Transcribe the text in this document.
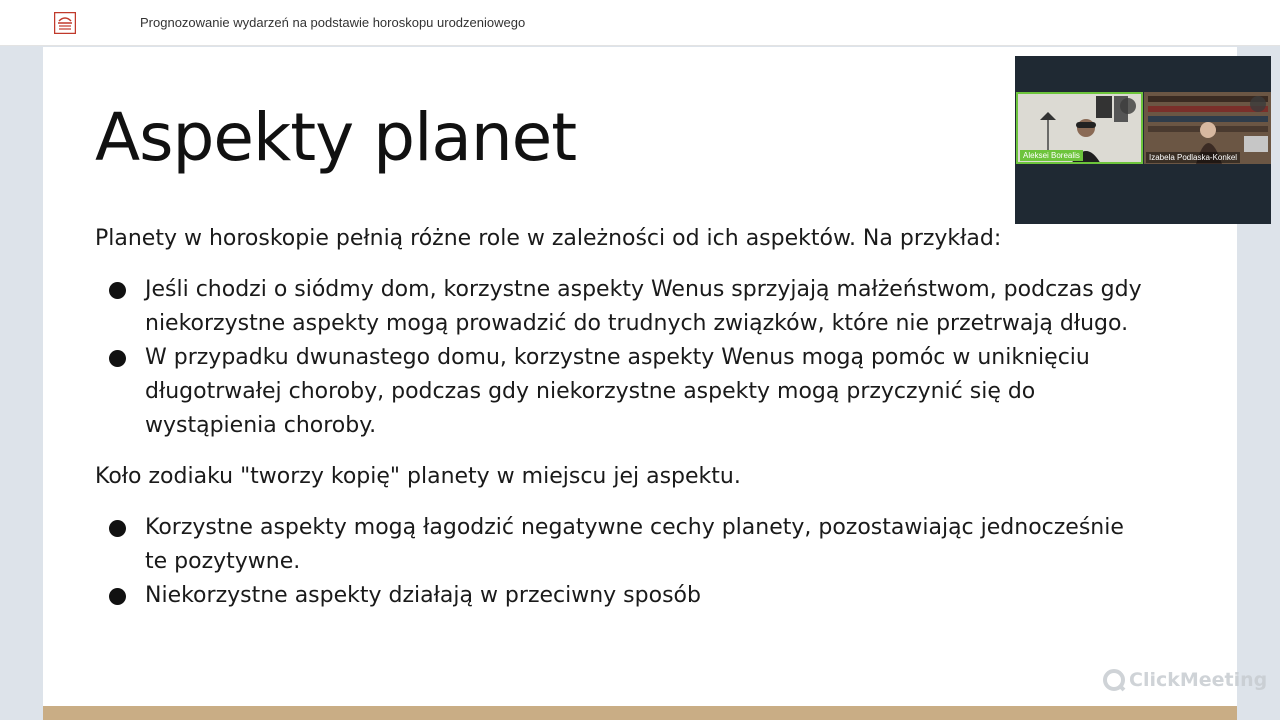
Prognozowanie wydarzeń na podstawie horoskopu urodzeniowego
Aspekty planet
Planety w horoskopie pełnią różne role w zależności od ich aspektów. Na przykład:
Jeśli chodzi o siódmy dom, korzystne aspekty Wenus sprzyjają małżeństwom, podczas gdy
niekorzystne aspekty mogą prowadzić do trudnych związków, które nie przetrwają długo.
W przypadku dwunastego domu, korzystne aspekty Wenus mogą pomóc w uniknięciu
długotrwałej choroby, podczas gdy niekorzystne aspekty mogą przyczynić się do
wystąpienia choroby.
Koło zodiaku "tworzy kopię" planety w miejscu jej aspektu.
Korzystne aspekty mogą łagodzić negatywne cechy planety, pozostawiając jednocześnie
te pozytywne.
Niekorzystne aspekty działają w przeciwny sposób
Aleksei Borealis	Izabela Podlaska-Konkel
ClickMeeting
